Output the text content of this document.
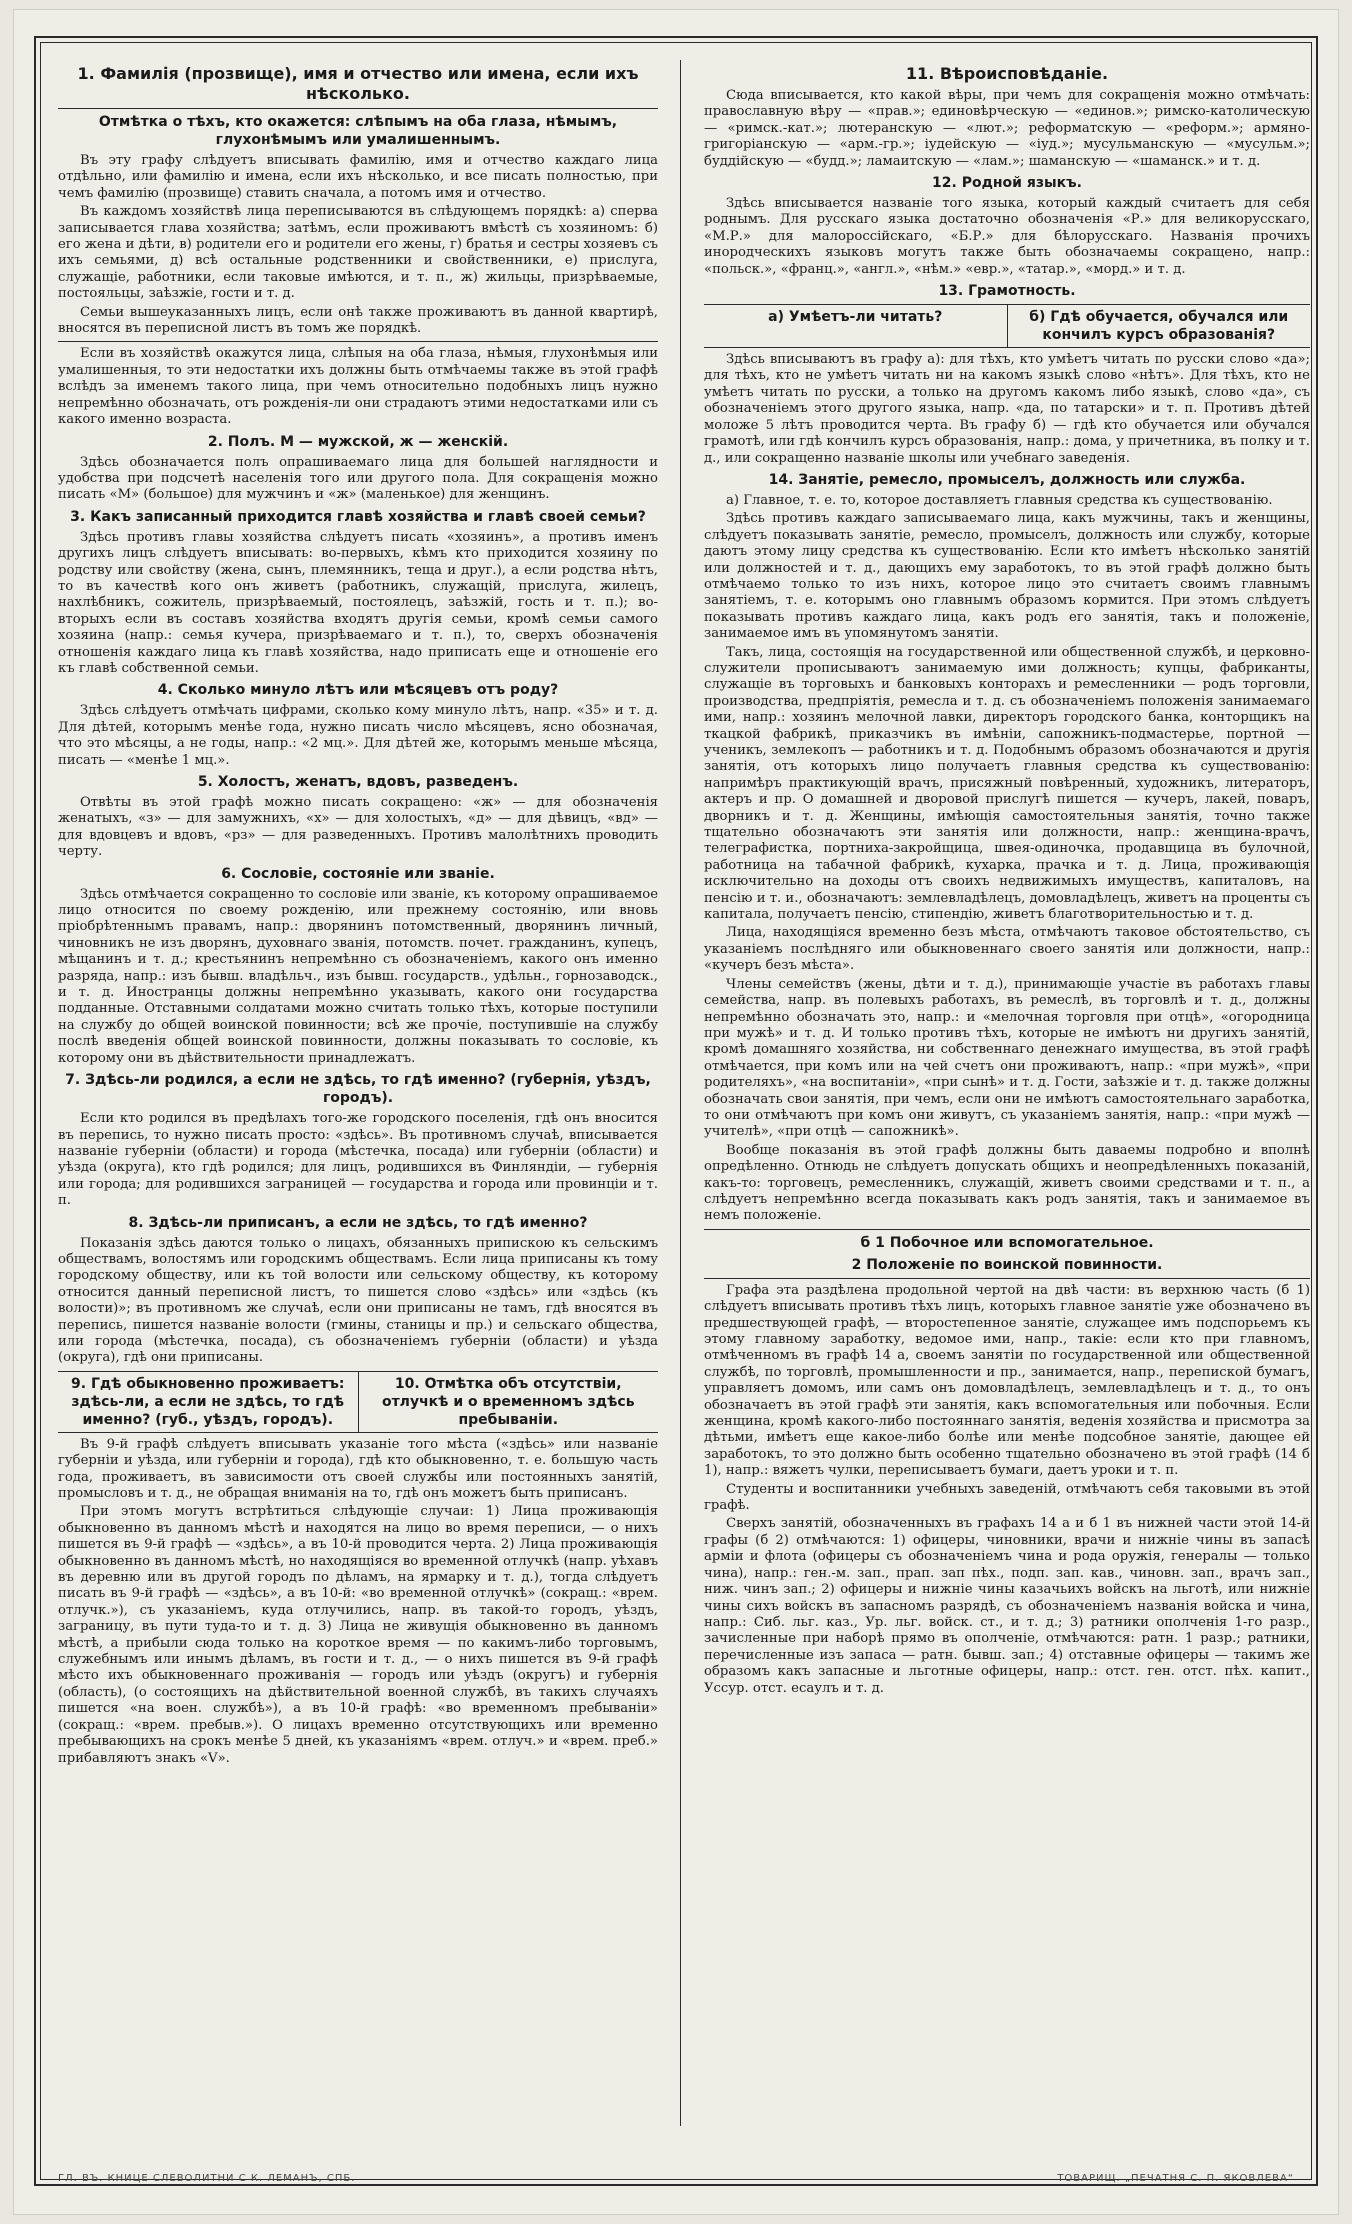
1. Фамилія (прозвище), имя и отчество или имена, если ихъ нѣсколько.
Отмѣтка о тѣхъ, кто окажется: слѣпымъ на оба глаза, нѣмымъ, глухонѣмымъ или умалишеннымъ.

Въ эту графу слѣдуетъ вписывать фамилію, имя и отчество каждаго лица отдѣльно, или фамилію и имена, если ихъ нѣсколько, и все писать полностью, при чемъ фамилію (прозвище) ставить сначала, а потомъ имя и отчество.

Въ каждомъ хозяйствѣ лица переписываются въ слѣдующемъ порядкѣ: а) сперва записывается глава хозяйства; затѣмъ, если проживаютъ вмѣстѣ съ хозяиномъ: б) его жена и дѣти, в) родители его и родители его жены, г) братья и сестры хозяевъ съ ихъ семьями, д) всѣ остальные родственники и свойственники, е) прислуга, служащіе, работники, если таковые имѣются, и т. п., ж) жильцы, призрѣваемые, постояльцы, заѣзжіе, гости и т. д.

Семьи вышеуказанныхъ лицъ, если онѣ также проживаютъ въ данной квартирѣ, вносятся въ переписной листъ въ томъ же порядкѣ.

Если въ хозяйствѣ окажутся лица, слѣпыя на оба глаза, нѣмыя, глухонѣмыя или умалишенныя, то эти недостатки ихъ должны быть отмѣчаемы также въ этой графѣ вслѣдъ за именемъ такого лица, при чемъ относительно подобныхъ лицъ нужно непремѣнно обозначать, отъ рожденія-ли они страдаютъ этими недостатками или съ какого именно возраста.

2. Полъ. М — мужской, ж — женскій.

Здѣсь обозначается полъ опрашиваемаго лица для большей наглядности и удобства при подсчетѣ населенія того или другого пола. Для сокращенія можно писать «М» (большое) для мужчинъ и «ж» (маленькое) для женщинъ.

3. Какъ записанный приходится главѣ хозяйства и главѣ своей семьи?

Здѣсь противъ главы хозяйства слѣдуетъ писать «хозяинъ», а противъ именъ другихъ лицъ слѣдуетъ вписывать: во-первыхъ, кѣмъ кто приходится хозяину по родству или свойству (жена, сынъ, племянникъ, теща и друг.), а если родства нѣтъ, то въ качествѣ кого онъ живетъ (работникъ, служащій, прислуга, жилецъ, нахлѣбникъ, сожитель, призрѣваемый, постоялецъ, заѣзжій, гость и т. п.); во-вторыхъ если въ составъ хозяйства входятъ другія семьи, кромѣ семьи самого хозяина (напр.: семья кучера, призрѣваемаго и т. п.), то, сверхъ обозначенія отношенія каждаго лица къ главѣ хозяйства, надо приписать еще и отношеніе его къ главѣ собственной семьи.

4. Сколько минуло лѣтъ или мѣсяцевъ отъ роду?

Здѣсь слѣдуетъ отмѣчать цифрами, сколько кому минуло лѣтъ, напр. «35» и т. д. Для дѣтей, которымъ менѣе года, нужно писать число мѣсяцевъ, ясно обозначая, что это мѣсяцы, а не годы, напр.: «2 мц.». Для дѣтей же, которымъ меньше мѣсяца, писать — «менѣе 1 мц.».

5. Холостъ, женатъ, вдовъ, разведенъ.

Отвѣты въ этой графѣ можно писать сокращено: «ж» — для обозначенія женатыхъ, «з» — для замужнихъ, «х» — для холостыхъ, «д» — для дѣвицъ, «вд» — для вдовцевъ и вдовъ, «рз» — для разведенныхъ. Противъ малолѣтнихъ проводить черту.

6. Сословіе, состояніе или званіе.

Здѣсь отмѣчается сокращенно то сословіе или званіе, къ которому опрашиваемое лицо относится по своему рожденію, или прежнему состоянію, или вновь пріобрѣтеннымъ правамъ, напр.: дворянинъ потомственный, дворянинъ личный, чиновникъ не изъ дворянъ, духовнаго званія, потомств. почет. гражданинъ, купецъ, мѣщанинъ и т. д.; крестьянинъ непремѣнно съ обозначеніемъ, какого онъ именно разряда, напр.: изъ бывш. владѣльч., изъ бывш. государств., удѣльн., горнозаводск., и т. д. Иностранцы должны непремѣнно указывать, какого они государства подданные. Отставными солдатами можно считать только тѣхъ, которые поступили на службу до общей воинской повинности; всѣ же прочіе, поступившіе на службу послѣ введенія общей воинской повинности, должны показывать то сословіе, къ которому они въ дѣйствительности принадлежатъ.

7. Здѣсь-ли родился, а если не здѣсь, то гдѣ именно? (губернія, уѣздъ, городъ).

Если кто родился въ предѣлахъ того-же городского поселенія, гдѣ онъ вносится въ перепись, то нужно писать просто: «здѣсь». Въ противномъ случаѣ, вписывается названіе губерніи (области) и города (мѣстечка, посада) или губерніи (области) и уѣзда (округа), кто гдѣ родился; для лицъ, родившихся въ Финляндіи, — губернія или города; для родившихся заграницей — государства и города или провинціи и т. п.

8. Здѣсь-ли приписанъ, а если не здѣсь, то гдѣ именно?

Показанія здѣсь даются только о лицахъ, обязанныхъ припискою къ сельскимъ обществамъ, волостямъ или городскимъ обществамъ. Если лица приписаны къ тому городскому обществу, или къ той волости или сельскому обществу, къ которому относится данный переписной листъ, то пишется слово «здѣсь» или «здѣсь (къ волости)»; въ противномъ же случаѣ, если они приписаны не тамъ, гдѣ вносятся въ перепись, пишется названіе волости (гмины, станицы и пр.) и сельскаго общества, или города (мѣстечка, посада), съ обозначеніемъ губерніи (области) и уѣзда (округа), гдѣ они приписаны.

9. Гдѣ обыкновенно проживаетъ: здѣсь-ли, а если не здѣсь, то гдѣ именно? (губ., уѣздъ, городъ).
10. Отмѣтка объ отсутствіи, отлучкѣ и о временномъ здѣсь пребываніи.

Въ 9-й графѣ слѣдуетъ вписывать указаніе того мѣста («здѣсь» или названіе губерніи и уѣзда, или губерніи и города), гдѣ кто обыкновенно, т. е. большую часть года, проживаетъ, въ зависимости отъ своей службы или постоянныхъ занятій, промысловъ и т. д., не обращая вниманія на то, гдѣ онъ можетъ быть приписанъ.

При этомъ могутъ встрѣтиться слѣдующіе случаи: 1) Лица проживающія обыкновенно въ данномъ мѣстѣ и находятся на лицо во время переписи, — о нихъ пишется въ 9-й графѣ — «здѣсь», а въ 10-й проводится черта. 2) Лица проживающія обыкновенно въ данномъ мѣстѣ, но находящіяся во временной отлучкѣ (напр. уѣхавъ въ деревню или въ другой городъ по дѣламъ, на ярмарку и т. д.), тогда слѣдуетъ писать въ 9-й графѣ — «здѣсь», а въ 10-й: «во временной отлучкѣ» (сокращ.: «врем. отлучк.»), съ указаніемъ, куда отлучились, напр. въ такой-то городъ, уѣздъ, заграницу, въ пути туда-то и т. д. 3) Лица не живущія обыкновенно въ данномъ мѣстѣ, а прибыли сюда только на короткое время — по какимъ-либо торговымъ, служебнымъ или инымъ дѣламъ, въ гости и т. д., — о нихъ пишется въ 9-й графѣ мѣсто ихъ обыкновеннаго проживанія — городъ или уѣздъ (округъ) и губернія (область), (о состоящихъ на дѣйствительной военной службѣ, въ такихъ случаяхъ пишется «на воен. службѣ»), а въ 10-й графѣ: «во временномъ пребываніи» (сокращ.: «врем. пребыв.»). О лицахъ временно отсутствующихъ или временно пребывающихъ на срокъ менѣе 5 дней, къ указаніямъ «врем. отлуч.» и «врем. преб.» прибавляютъ знакъ «V».

11. Вѣроисповѣданіе.

Сюда вписывается, кто какой вѣры, при чемъ для сокращенія можно отмѣчать: православную вѣру — «прав.»; единовѣрческую — «единов.»; римско-католическую — «римск.-кат.»; лютеранскую — «лют.»; реформатскую — «реформ.»; армяно-григоріанскую — «арм.-гр.»; іудейскую — «іуд.»; мусульманскую — «мусульм.»; буддійскую — «будд.»; ламаитскую — «лам.»; шаманскую — «шаманск.» и т. д.

12. Родной языкъ.

Здѣсь вписывается названіе того языка, который каждый считаетъ для себя роднымъ. Для русскаго языка достаточно обозначенія «Р.» для великорусскаго, «М.Р.» для малороссійскаго, «Б.Р.» для бѣлорусскаго. Названія прочихъ инородческихъ языковъ могутъ также быть обозначаемы сокращено, напр.: «польск.», «франц.», «англ.», «нѣм.» «евр.», «татар.», «морд.» и т. д.

13. Грамотность.
а) Умѣетъ-ли читать?	б) Гдѣ обучается, обучался или кончилъ курсъ образованія?

Здѣсь вписываютъ въ графу а): для тѣхъ, кто умѣетъ читать по русски слово «да»; для тѣхъ, кто не умѣетъ читать ни на какомъ языкѣ слово «нѣтъ». Для тѣхъ, кто не умѣетъ читать по русски, а только на другомъ какомъ либо языкѣ, слово «да», съ обозначеніемъ этого другого языка, напр. «да, по татарски» и т. п. Противъ дѣтей моложе 5 лѣтъ проводится черта. Въ графу б) — гдѣ кто обучается или обучался грамотѣ, или гдѣ кончилъ курсъ образованія, напр.: дома, у причетника, въ полку и т. д., или сокращенно названіе школы или учебнаго заведенія.

14. Занятіе, ремесло, промыселъ, должность или служба.

а) Главное, т. е. то, которое доставляетъ главныя средства къ существованію.

Здѣсь противъ каждаго записываемаго лица, какъ мужчины, такъ и женщины, слѣдуетъ показывать занятіе, ремесло, промыселъ, должность или службу, которые даютъ этому лицу средства къ существованію. Если кто имѣетъ нѣсколько занятій или должностей и т. д., дающихъ ему заработокъ, то въ этой графѣ должно быть отмѣчаемо только то изъ нихъ, которое лицо это считаетъ своимъ главнымъ занятіемъ, т. е. которымъ оно главнымъ образомъ кормится. При этомъ слѣдуетъ показывать противъ каждаго лица, какъ родъ его занятія, такъ и положеніе, занимаемое имъ въ упомянутомъ занятіи.

Такъ, лица, состоящія на государственной или общественной службѣ, и церковно-служители прописываютъ занимаемую ими должность; купцы, фабриканты, служащіе въ торговыхъ и банковыхъ конторахъ и ремесленники — родъ торговли, производства, предпріятія, ремесла и т. д. съ обозначеніемъ положенія занимаемаго ими, напр.: хозяинъ мелочной лавки, директоръ городского банка, конторщикъ на ткацкой фабрикѣ, приказчикъ въ имѣніи, сапожникъ-подмастерье, портной — ученикъ, землекопъ — работникъ и т. д. Подобнымъ образомъ обозначаются и другія занятія, отъ которыхъ лицо получаетъ главныя средства къ существованію: напримѣръ практикующій врачъ, присяжный повѣренный, художникъ, литераторъ, актеръ и пр. О домашней и дворовой прислугѣ пишется — кучеръ, лакей, поваръ, дворникъ и т. д. Женщины, имѣющія самостоятельныя занятія, точно также тщательно обозначаютъ эти занятія или должности, напр.: женщина-врачъ, телеграфистка, портниха-закройщица, швея-одиночка, продавщица въ булочной, работница на табачной фабрикѣ, кухарка, прачка и т. д. Лица, проживающія исключительно на доходы отъ своихъ недвижимыхъ имуществъ, капиталовъ, на пенсію и т. и., обозначаютъ: землевладѣлецъ, домовладѣлецъ, живетъ на проценты съ капитала, получаетъ пенсію, стипендію, живетъ благотворительностью и т. д.

Лица, находящіяся временно безъ мѣста, отмѣчаютъ таковое обстоятельство, съ указаніемъ послѣдняго или обыкновеннаго своего занятія или должности, напр.: «кучеръ безъ мѣста».

Члены семействъ (жены, дѣти и т. д.), принимающіе участіе въ работахъ главы семейства, напр. въ полевыхъ работахъ, въ ремеслѣ, въ торговлѣ и т. д., должны непремѣнно обозначать это, напр.: и «мелочная торговля при отцѣ», «огородница при мужѣ» и т. д. И только противъ тѣхъ, которые не имѣютъ ни другихъ занятій, кромѣ домашняго хозяйства, ни собственнаго денежнаго имущества, въ этой графѣ отмѣчается, при комъ или на чей счетъ они проживаютъ, напр.: «при мужѣ», «при родителяхъ», «на воспитаніи», «при сынѣ» и т. д. Гости, заѣзжіе и т. д. также должны обозначать свои занятія, при чемъ, если они не имѣютъ самостоятельнаго заработка, то они отмѣчаютъ при комъ они живутъ, съ указаніемъ занятія, напр.: «при мужѣ — учителѣ», «при отцѣ — сапожникѣ».

Вообще показанія въ этой графѣ должны быть даваемы подробно и вполнѣ опредѣленно. Отнюдь не слѣдуетъ допускать общихъ и неопредѣленныхъ показаній, какъ-то: торговецъ, ремесленникъ, служащій, живетъ своими средствами и т. п., а слѣдуетъ непремѣнно всегда показывать какъ родъ занятія, такъ и занимаемое въ немъ положеніе.

б 1 Побочное или вспомогательное.
2 Положеніе по воинской повинности.

Графа эта раздѣлена продольной чертой на двѣ части: въ верхнюю часть (б 1) слѣдуетъ вписывать противъ тѣхъ лицъ, которыхъ главное занятіе уже обозначено въ предшествующей графѣ, — второстепенное занятіе, служащее имъ подспорьемъ къ этому главному заработку, ведомое ими, напр., такіе: если кто при главномъ, отмѣченномъ въ графѣ 14 а, своемъ занятіи по государственной или общественной службѣ, по торговлѣ, промышленности и пр., занимается, напр., перепиской бумагъ, управляетъ домомъ, или самъ онъ домовладѣлецъ, землевладѣлецъ и т. д., то онъ обозначаетъ въ этой графѣ эти занятія, какъ вспомогательныя или побочныя. Если женщина, кромѣ какого-либо постояннаго занятія, веденія хозяйства и присмотра за дѣтьми, имѣетъ еще какое-либо болѣе или менѣе подсобное занятіе, дающее ей заработокъ, то это должно быть особенно тщательно обозначено въ этой графѣ (14 б 1), напр.: вяжетъ чулки, переписываетъ бумаги, даетъ уроки и т. п.

Студенты и воспитанники учебныхъ заведеній, отмѣчаютъ себя таковыми въ этой графѣ.

Сверхъ занятій, обозначенныхъ въ графахъ 14 а и б 1 въ нижней части этой 14-й графы (б 2) отмѣчаются: 1) офицеры, чиновники, врачи и нижніе чины въ запасѣ арміи и флота (офицеры съ обозначеніемъ чина и рода оружія, генералы — только чина), напр.: ген.-м. зап., прап. зап пѣх., подп. зап. кав., чиновн. зап., врачъ зап., ниж. чинъ зап.; 2) офицеры и нижніе чины казачьихъ войскъ на льготѣ, или нижніе чины сихъ войскъ въ запасномъ разрядѣ, съ обозначеніемъ названія войска и чина, напр.: Сиб. льг. каз., Ур. льг. войск. ст., и т. д.; 3) ратники ополченія 1-го разр., зачисленные при наборѣ прямо въ ополченіе, отмѣчаются: ратн. 1 разр.; ратники, перечисленные изъ запаса — ратн. бывш. зап.; 4) отставные офицеры — такимъ же образомъ какъ запасные и льготные офицеры, напр.: отст. ген. отст. пѣх. капит., Уссур. отст. есаулъ и т. д.

ГЛ. ВЪ. КНИЦЕ СЛЕВОЛИТНИ С К. ЛЕМАНЪ, СПБ.	ТОВАРИЩ. „ПЕЧАТНЯ С. П. ЯКОВЛЕВА“
